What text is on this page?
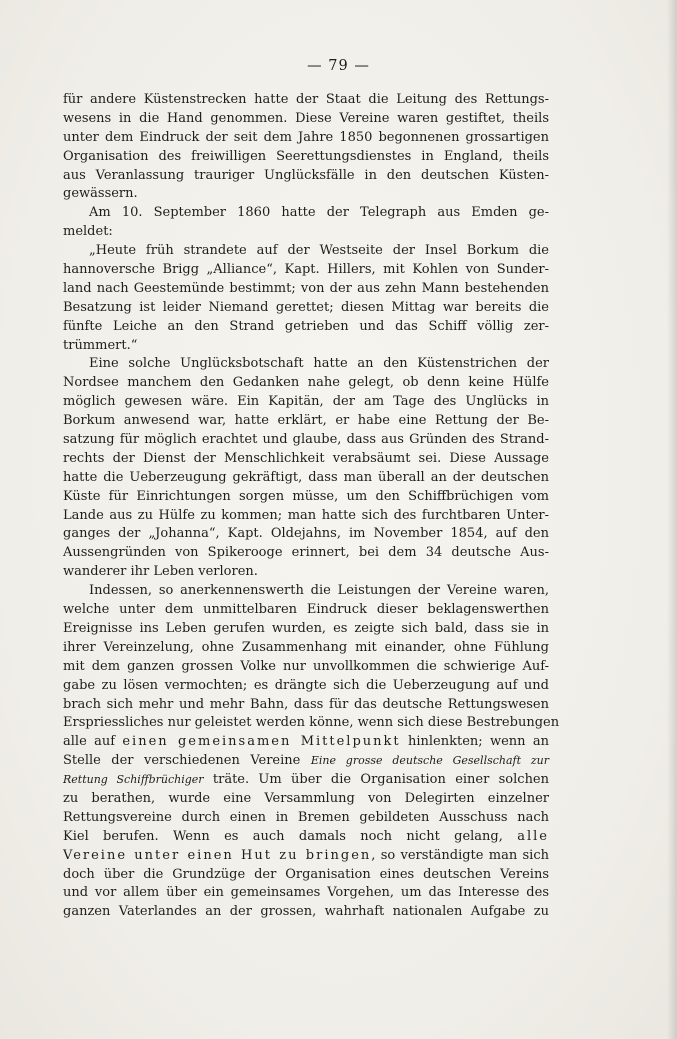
— 79 —
für andere Küstenstrecken hatte der Staat die Leitung des Rettungs-
wesens in die Hand genommen. Diese Vereine waren gestiftet, theils
unter dem Eindruck der seit dem Jahre 1850 begonnenen grossartigen
Organisation des freiwilligen Seerettungsdienstes in England, theils
aus Veranlassung trauriger Unglücksfälle in den deutschen Küsten-
gewässern.
Am 10. September 1860 hatte der Telegraph aus Emden ge-
meldet:
„Heute früh strandete auf der Westseite der Insel Borkum die
hannoversche Brigg „Alliance“, Kapt. Hillers, mit Kohlen von Sunder-
land nach Geestemünde bestimmt; von der aus zehn Mann bestehenden
Besatzung ist leider Niemand gerettet; diesen Mittag war bereits die
fünfte Leiche an den Strand getrieben und das Schiff völlig zer-
trümmert.“
Eine solche Unglücksbotschaft hatte an den Küstenstrichen der
Nordsee manchem den Gedanken nahe gelegt, ob denn keine Hülfe
möglich gewesen wäre. Ein Kapitän, der am Tage des Unglücks in
Borkum anwesend war, hatte erklärt, er habe eine Rettung der Be-
satzung für möglich erachtet und glaube, dass aus Gründen des Strand-
rechts der Dienst der Menschlichkeit verabsäumt sei. Diese Aussage
hatte die Ueberzeugung gekräftigt, dass man überall an der deutschen
Küste für Einrichtungen sorgen müsse, um den Schiffbrüchigen vom
Lande aus zu Hülfe zu kommen; man hatte sich des furchtbaren Unter-
ganges der „Johanna“, Kapt. Oldejahns, im November 1854, auf den
Aussengründen von Spikerooge erinnert, bei dem 34 deutsche Aus-
wanderer ihr Leben verloren.
Indessen, so anerkennenswerth die Leistungen der Vereine waren,
welche unter dem unmittelbaren Eindruck dieser beklagenswerthen
Ereignisse ins Leben gerufen wurden, es zeigte sich bald, dass sie in
ihrer Vereinzelung, ohne Zusammenhang mit einander, ohne Fühlung
mit dem ganzen grossen Volke nur unvollkommen die schwierige Auf-
gabe zu lösen vermochten; es drängte sich die Ueberzeugung auf und
brach sich mehr und mehr Bahn, dass für das deutsche Rettungswesen
Erspriessliches nur geleistet werden könne, wenn sich diese Bestrebungen
alle auf einen gemeinsamen Mittelpunkt hinlenkten; wenn an
Stelle der verschiedenen Vereine Eine grosse deutsche Gesellschaft zur
Rettung Schiffbrüchiger träte. Um über die Organisation einer solchen
zu berathen, wurde eine Versammlung von Delegirten einzelner
Rettungsvereine durch einen in Bremen gebildeten Ausschuss nach
Kiel berufen. Wenn es auch damals noch nicht gelang, alle
Vereine unter einen Hut zu bringen, so verständigte man sich
doch über die Grundzüge der Organisation eines deutschen Vereins
und vor allem über ein gemeinsames Vorgehen, um das Interesse des
ganzen Vaterlandes an der grossen, wahrhaft nationalen Aufgabe zu
